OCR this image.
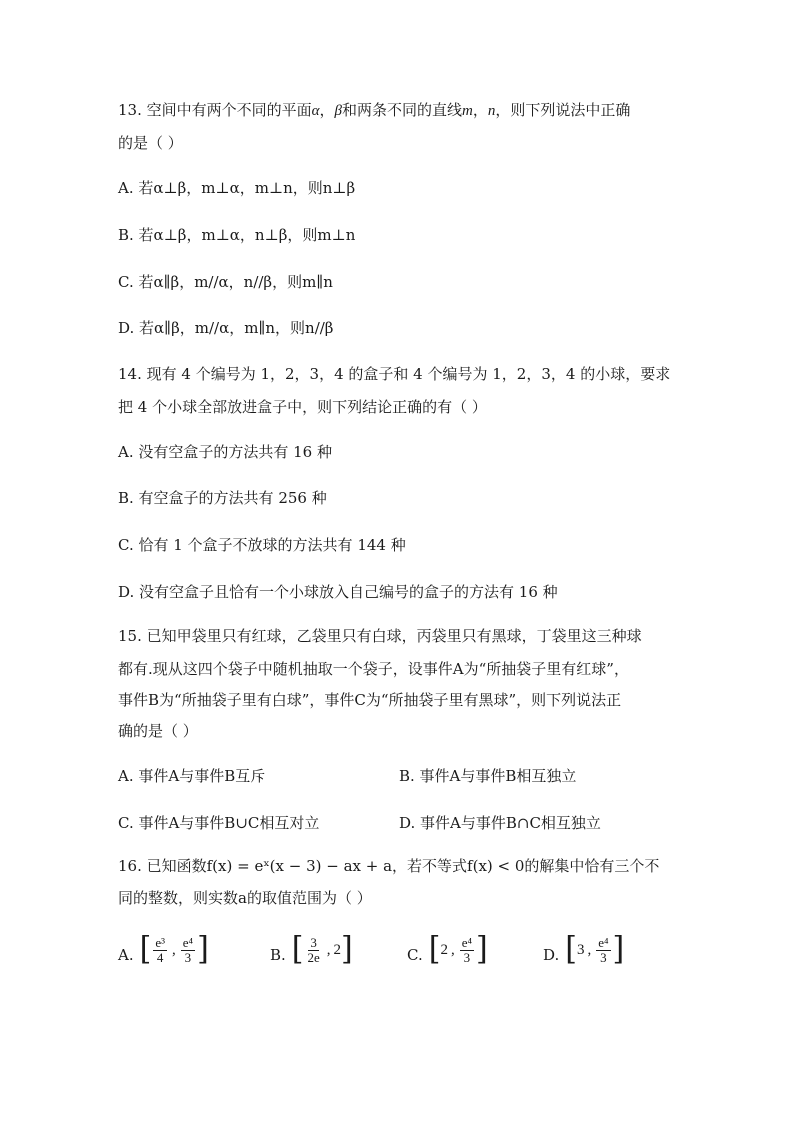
13. 空间中有两个不同的平面α，β和两条不同的直线m，n，则下列说法中正确
的是（ ）
A. 若α⊥β，m⊥α，m⊥n，则n⊥β
B. 若α⊥β，m⊥α，n⊥β，则m⊥n
C. 若α∥β，m//α，n//β，则m∥n
D. 若α∥β，m//α，m∥n，则n//β
14. 现有 4 个编号为 1，2，3，4 的盒子和 4 个编号为 1，2，3，4 的小球，要求
把 4 个小球全部放进盒子中，则下列结论正确的有（ ）
A. 没有空盒子的方法共有 16 种
B. 有空盒子的方法共有 256 种
C. 恰有 1 个盒子不放球的方法共有 144 种
D. 没有空盒子且恰有一个小球放入自己编号的盒子的方法有 16 种
15. 已知甲袋里只有红球，乙袋里只有白球，丙袋里只有黑球，丁袋里这三种球
都有.现从这四个袋子中随机抽取一个袋子，设事件A为“所抽袋子里有红球”，
事件B为“所抽袋子里有白球”，事件C为“所抽袋子里有黑球”，则下列说法正
确的是（ ）
A. 事件A与事件B互斥	B. 事件A与事件B相互独立
C. 事件A与事件B∪C相互对立	D. 事件A与事件B∩C相互独立
16. 已知函数f(x) = eˣ(x − 3) − ax + a，若不等式f(x) < 0的解集中恰有三个不
同的整数，则实数a的取值范围为（ ）
A. [ $\frac{\text{e³}}{4}$ , $\frac{\text{e⁴}}{3}$ ]	B. [ $\frac{3}{2e}$ , 2 ]	C. [ 2 , $\frac{\text{e⁴}}{3}$ ]	D. [ 3 , $\frac{\text{e⁴}}{3}$ ]
